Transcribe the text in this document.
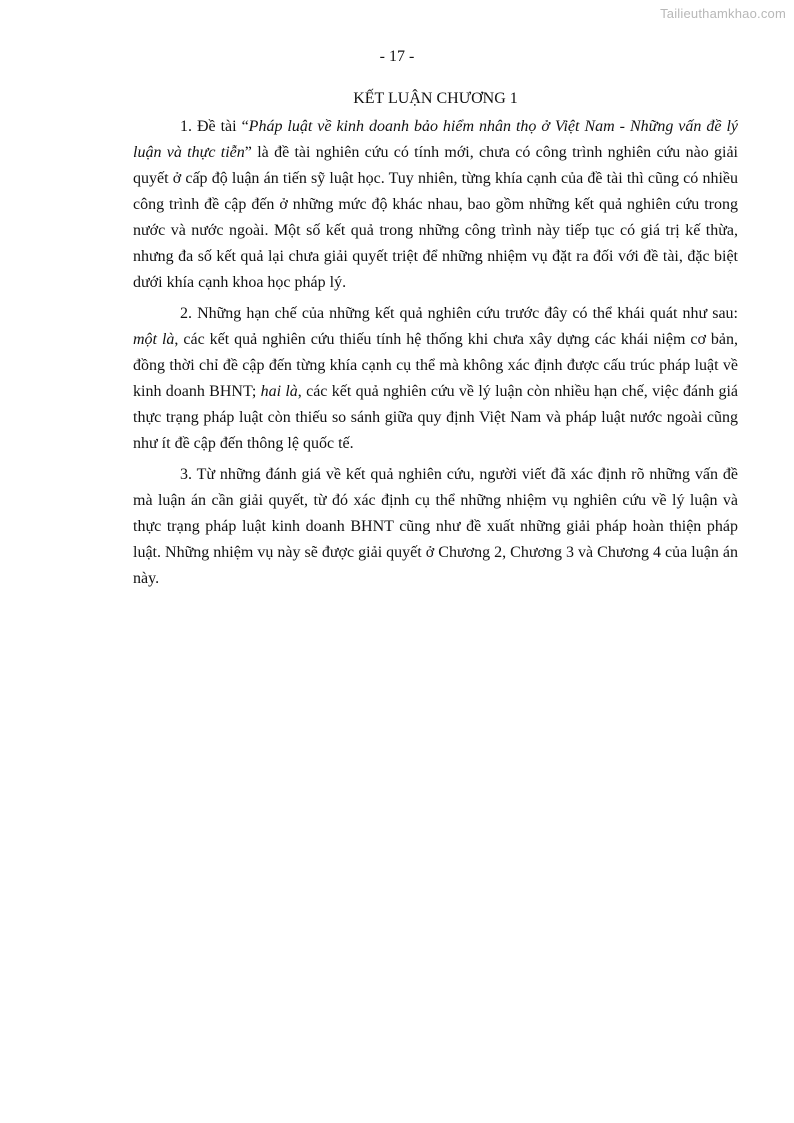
Tailieuthamkhao.com
- 17 -
KẾT LUẬN CHƯƠNG 1

1. Đề tài “Pháp luật về kinh doanh bảo hiểm nhân thọ ở Việt Nam - Những vấn đề lý luận và thực tiễn” là đề tài nghiên cứu có tính mới, chưa có công trình nghiên cứu nào giải quyết ở cấp độ luận án tiến sỹ luật học. Tuy nhiên, từng khía cạnh của đề tài thì cũng có nhiều công trình đề cập đến ở những mức độ khác nhau, bao gồm những kết quả nghiên cứu trong nước và nước ngoài. Một số kết quả trong những công trình này tiếp tục có giá trị kế thừa, nhưng đa số kết quả lại chưa giải quyết triệt để những nhiệm vụ đặt ra đối với đề tài, đặc biệt dưới khía cạnh khoa học pháp lý.

2. Những hạn chế của những kết quả nghiên cứu trước đây có thể khái quát như sau: một là, các kết quả nghiên cứu thiếu tính hệ thống khi chưa xây dựng các khái niệm cơ bản, đồng thời chỉ đề cập đến từng khía cạnh cụ thể mà không xác định được cấu trúc pháp luật về kinh doanh BHNT; hai là, các kết quả nghiên cứu về lý luận còn nhiều hạn chế, việc đánh giá thực trạng pháp luật còn thiếu so sánh giữa quy định Việt Nam và pháp luật nước ngoài cũng như ít đề cập đến thông lệ quốc tế.

3. Từ những đánh giá về kết quả nghiên cứu, người viết đã xác định rõ những vấn đề mà luận án cần giải quyết, từ đó xác định cụ thể những nhiệm vụ nghiên cứu về lý luận và thực trạng pháp luật kinh doanh BHNT cũng như đề xuất những giải pháp hoàn thiện pháp luật. Những nhiệm vụ này sẽ được giải quyết ở Chương 2, Chương 3 và Chương 4 của luận án này.
